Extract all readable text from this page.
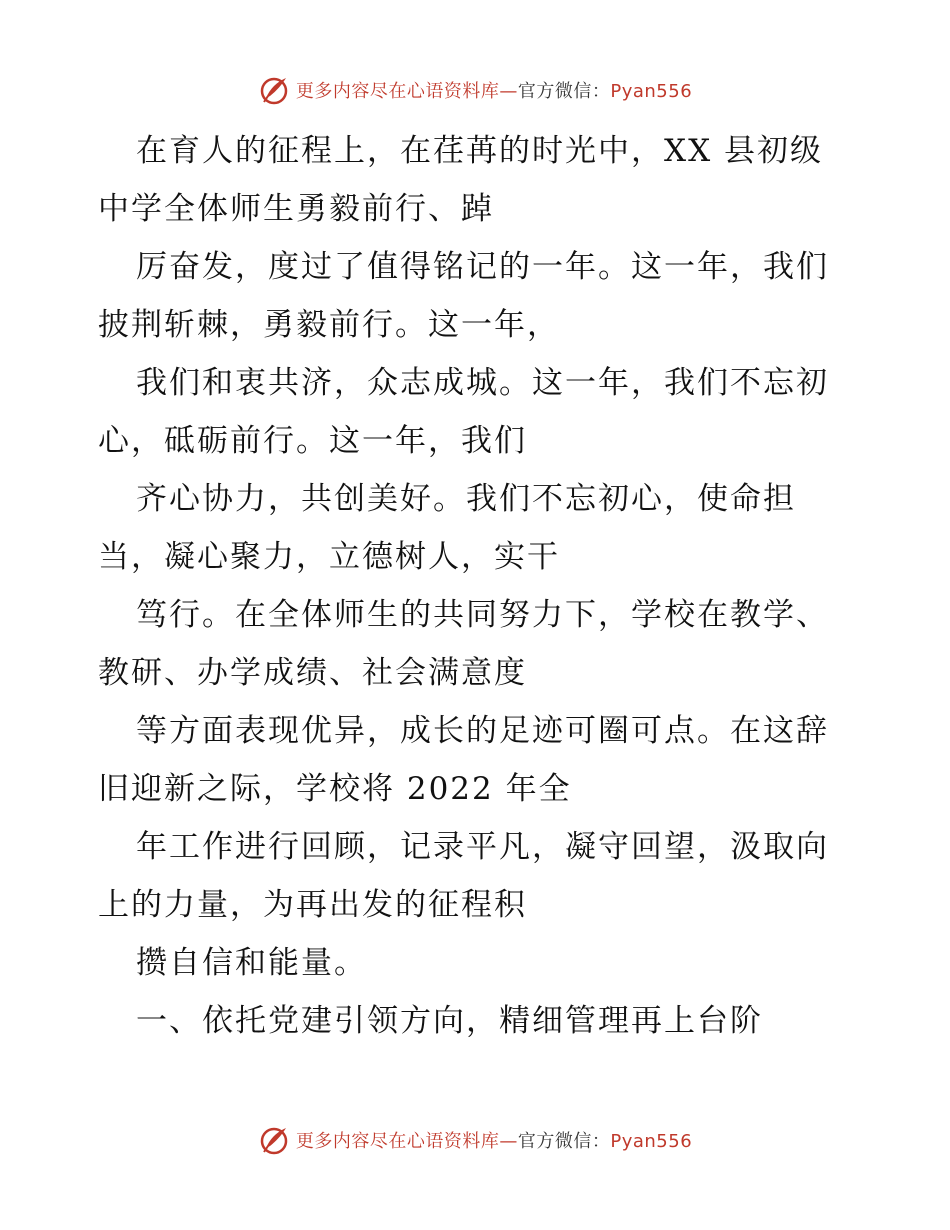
更多内容尽在心语资料库—官方微信：Pyan556
在育人的征程上，在荏苒的时光中，XX 县初级
中学全体师生勇毅前行、踔
厉奋发，度过了值得铭记的一年。这一年，我们
披荆斩棘，勇毅前行。这一年，
我们和衷共济，众志成城。这一年，我们不忘初
心，砥砺前行。这一年，我们
齐心协力，共创美好。我们不忘初心，使命担
当，凝心聚力，立德树人，实干
笃行。在全体师生的共同努力下，学校在教学、
教研、办学成绩、社会满意度
等方面表现优异，成长的足迹可圈可点。在这辞
旧迎新之际，学校将 2022 年全
年工作进行回顾，记录平凡，凝守回望，汲取向
上的力量，为再出发的征程积
攒自信和能量。
一、依托党建引领方向，精细管理再上台阶
更多内容尽在心语资料库—官方微信：Pyan556
